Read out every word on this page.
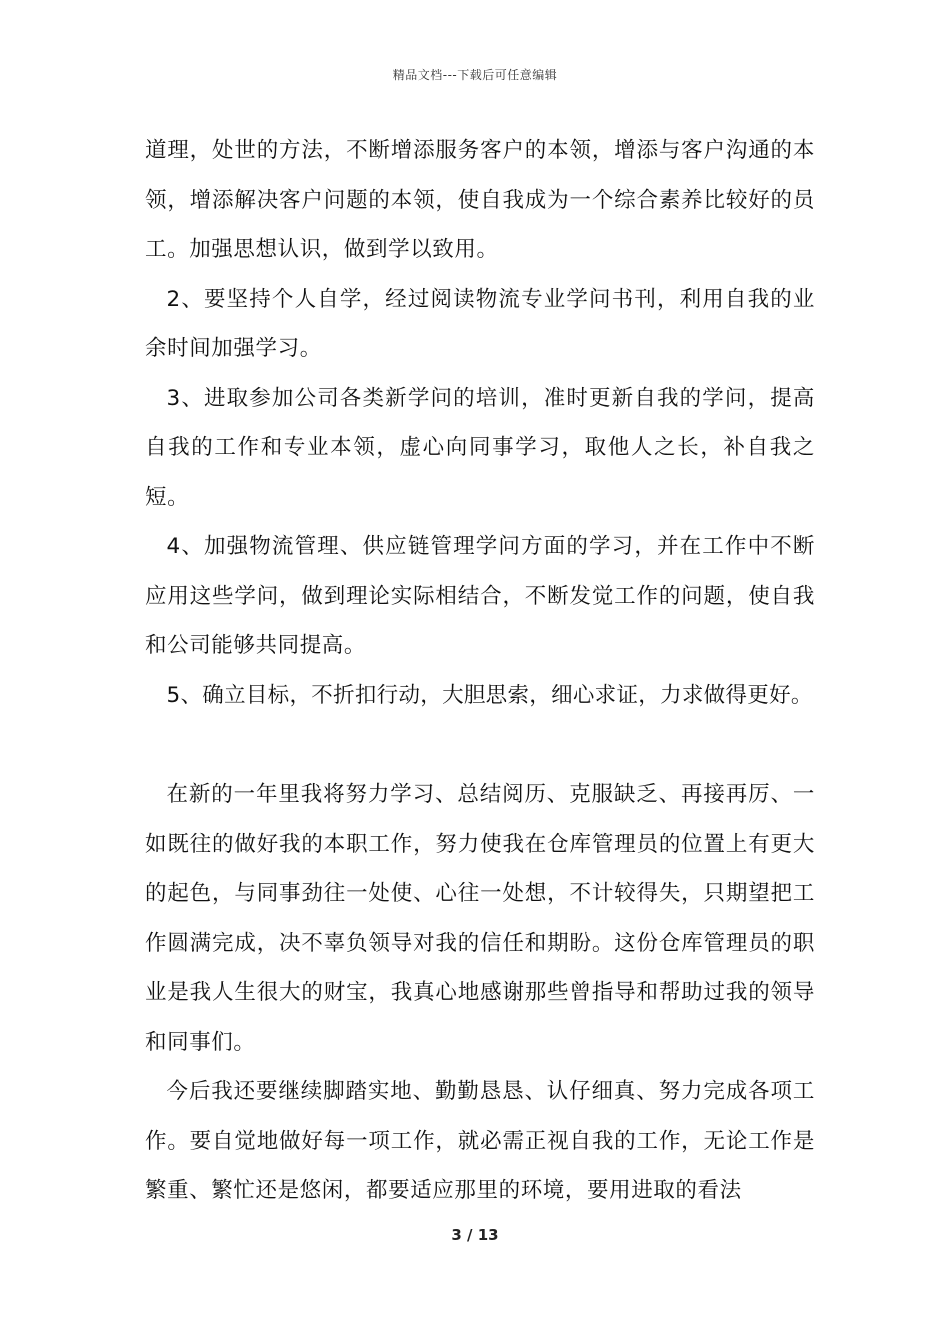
精品文档---下载后可任意编辑

道理，处世的方法，不断增添服务客户的本领，增添与客户沟通的本领，增添解决客户问题的本领，使自我成为一个综合素养比较好的员工。加强思想认识，做到学以致用。

2、要坚持个人自学，经过阅读物流专业学问书刊，利用自我的业余时间加强学习。

3、进取参加公司各类新学问的培训，准时更新自我的学问，提高自我的工作和专业本领，虚心向同事学习，取他人之长，补自我之短。

4、加强物流管理、供应链管理学问方面的学习，并在工作中不断应用这些学问，做到理论实际相结合，不断发觉工作的问题，使自我和公司能够共同提高。

5、确立目标，不折扣行动，大胆思索，细心求证，力求做得更好。

在新的一年里我将努力学习、总结阅历、克服缺乏、再接再厉、一如既往的做好我的本职工作，努力使我在仓库管理员的位置上有更大的起色，与同事劲往一处使、心往一处想，不计较得失，只期望把工作圆满完成，决不辜负领导对我的信任和期盼。这份仓库管理员的职业是我人生很大的财宝，我真心地感谢那些曾指导和帮助过我的领导和同事们。

今后我还要继续脚踏实地、勤勤恳恳、认仔细真、努力完成各项工作。要自觉地做好每一项工作，就必需正视自我的工作，无论工作是繁重、繁忙还是悠闲，都要适应那里的环境，要用进取的看法

3 / 13
